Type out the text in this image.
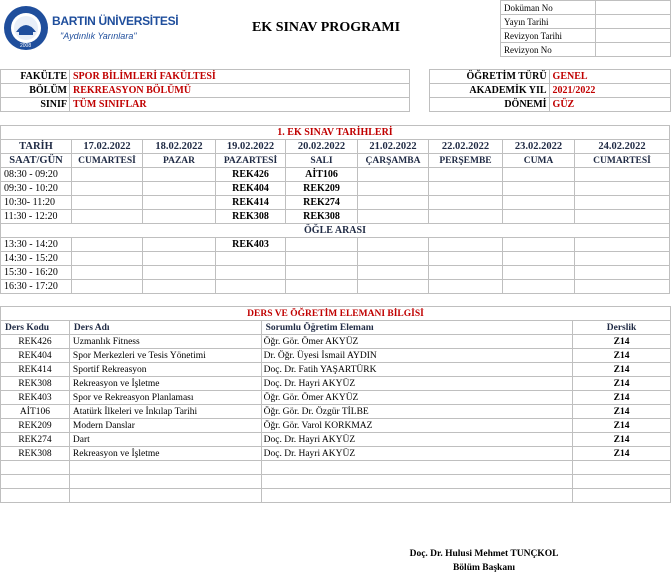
BARTIN ÜNİVERSİTESİ
"Aydınlık Yarınlara"
2008
EK SINAV PROGRAMI
Doküman No	
Yayın Tarihi	
Revizyon Tarihi	
Revizyon No	
FAKÜLTE	SPOR BİLİMLERİ FAKÜLTESİ
BÖLÜM	REKREASYON BÖLÜMÜ
SINIF	TÜM SINIFLAR
ÖĞRETİM TÜRÜ	GENEL
AKADEMİK YIL	2021/2022
DÖNEMİ	GÜZ
1. EK SINAV TARİHLERİ								
TARİH	17.02.2022	18.02.2022	19.02.2022	20.02.2022	21.02.2022	22.02.2022	23.02.2022	24.02.2022
SAAT/GÜN	CUMARTESİ	PAZAR	PAZARTESİ	SALI	ÇARŞAMBA	PERŞEMBE	CUMA	CUMARTESİ
08:30 - 09:20			REK426	AİT106				
09:30 - 10:20			REK404	REK209				
10:30- 11:20			REK414	REK274				
11:30 - 12:20			REK308	REK308				
ÖĞLE ARASI								
13:30 - 14:20			REK403					
14:30 - 15:20								
15:30 - 16:20								
16:30 - 17:20								
DERS VE ÖĞRETİM ELEMANI BİLGİSİ			
Ders Kodu	Ders Adı	Sorumlu Öğretim Elemanı	Derslik
REK426	Uzmanlık Fitness	Öğr. Gör. Ömer AKYÜZ	Z14
REK404	Spor Merkezleri ve Tesis Yönetimi	Dr. Öğr. Üyesi İsmail AYDIN	Z14
REK414	Sportif Rekreasyon	Doç. Dr. Fatih YAŞARTÜRK	Z14
REK308	Rekreasyon ve İşletme	Doç. Dr. Hayri AKYÜZ	Z14
REK403	Spor ve Rekreasyon Planlaması	Öğr. Gör. Ömer AKYÜZ	Z14
AİT106	Atatürk İlkeleri ve İnkılap Tarihi	Öğr. Gör. Dr. Özgür TİLBE	Z14
REK209	Modern Danslar	Öğr. Gör. Varol KORKMAZ	Z14
REK274	Dart	Doç. Dr. Hayri AKYÜZ	Z14
REK308	Rekreasyon ve İşletme	Doç. Dr. Hayri AKYÜZ	Z14

Doç. Dr. Hulusi Mehmet TUNÇKOL
Bölüm Başkanı
